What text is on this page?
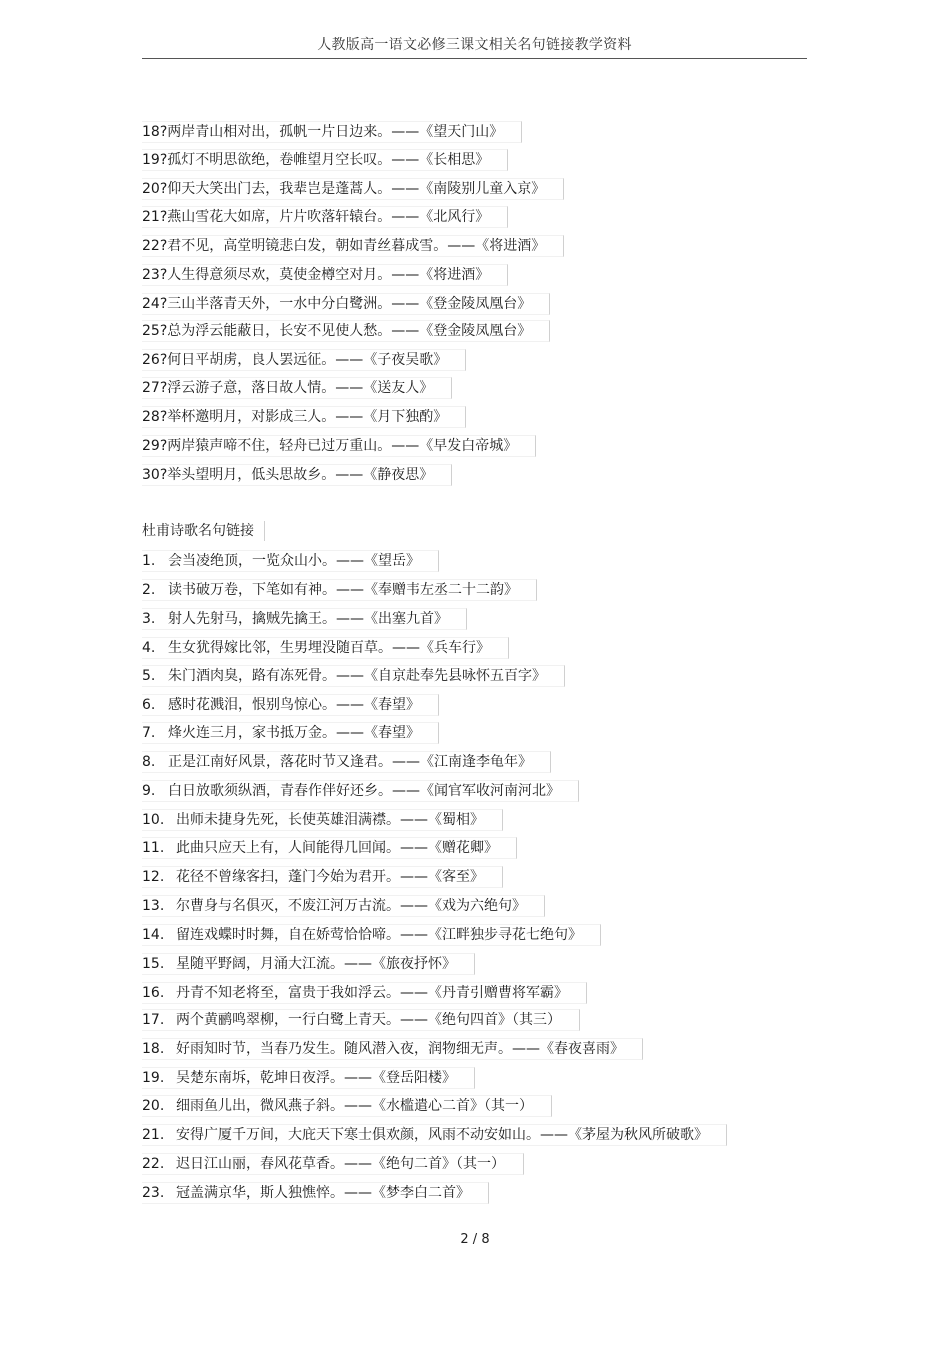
人教版高一语文必修三课文相关名句链接教学资料
18?两岸青山相对出，孤帆一片日边来。——《望天门山》
19?孤灯不明思欲绝，卷帷望月空长叹。——《长相思》
20?仰天大笑出门去，我辈岂是蓬蒿人。——《南陵别儿童入京》
21?燕山雪花大如席，片片吹落轩辕台。——《北风行》
22?君不见，高堂明镜悲白发，朝如青丝暮成雪。——《将进酒》
23?人生得意须尽欢，莫使金樽空对月。——《将进酒》
24?三山半落青天外，一水中分白鹭洲。——《登金陵凤凰台》
25?总为浮云能蔽日，长安不见使人愁。——《登金陵凤凰台》
26?何日平胡虏，良人罢远征。——《子夜吴歌》
27?浮云游子意，落日故人情。——《送友人》
28?举杯邀明月，对影成三人。——《月下独酌》
29?两岸猿声啼不住，轻舟已过万重山。——《早发白帝城》
30?举头望明月，低头思故乡。——《静夜思》
杜甫诗歌名句链接
1. 会当凌绝顶，一览众山小。——《望岳》
2. 读书破万卷，下笔如有神。——《奉赠韦左丞二十二韵》
3. 射人先射马，擒贼先擒王。——《出塞九首》
4. 生女犹得嫁比邻，生男埋没随百草。——《兵车行》
5. 朱门酒肉臭，路有冻死骨。——《自京赴奉先县咏怀五百字》
6. 感时花溅泪，恨别鸟惊心。——《春望》
7. 烽火连三月，家书抵万金。——《春望》
8. 正是江南好风景，落花时节又逢君。——《江南逢李龟年》
9. 白日放歌须纵酒，青春作伴好还乡。——《闻官军收河南河北》
10. 出师未捷身先死，长使英雄泪满襟。——《蜀相》
11. 此曲只应天上有，人间能得几回闻。——《赠花卿》
12. 花径不曾缘客扫，蓬门今始为君开。——《客至》
13. 尔曹身与名俱灭，不废江河万古流。——《戏为六绝句》
14. 留连戏蝶时时舞，自在娇莺恰恰啼。——《江畔独步寻花七绝句》
15. 星随平野阔，月涌大江流。——《旅夜抒怀》
16. 丹青不知老将至，富贵于我如浮云。——《丹青引赠曹将军霸》
17. 两个黄鹂鸣翠柳，一行白鹭上青天。——《绝句四首》（其三）
18. 好雨知时节，当春乃发生。随风潜入夜，润物细无声。——《春夜喜雨》
19. 吴楚东南坼，乾坤日夜浮。——《登岳阳楼》
20. 细雨鱼儿出，微风燕子斜。——《水槛遣心二首》（其一）
21. 安得广厦千万间，大庇天下寒士俱欢颜，风雨不动安如山。——《茅屋为秋风所破歌》
22. 迟日江山丽，春风花草香。——《绝句二首》（其一）
23. 冠盖满京华，斯人独憔悴。——《梦李白二首》
2 / 8
